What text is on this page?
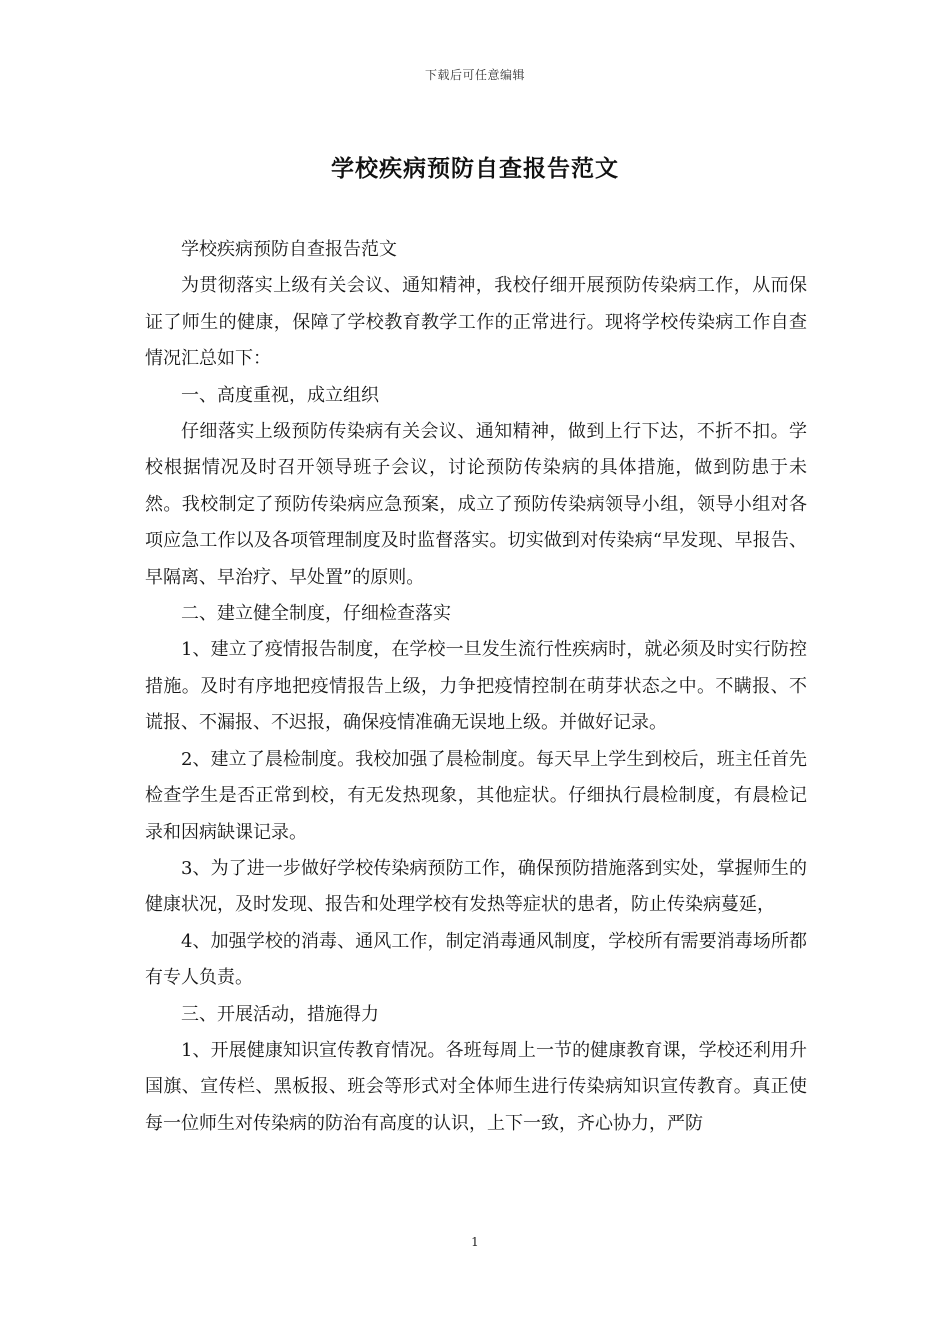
下载后可任意编辑
学校疾病预防自查报告范文

学校疾病预防自查报告范文

为贯彻落实上级有关会议、通知精神，我校仔细开展预防传染病工作，从而保证了师生的健康，保障了学校教育教学工作的正常进行。现将学校传染病工作自查情况汇总如下：

一、高度重视，成立组织

仔细落实上级预防传染病有关会议、通知精神，做到上行下达，不折不扣。学校根据情况及时召开领导班子会议，讨论预防传染病的具体措施，做到防患于未然。我校制定了预防传染病应急预案，成立了预防传染病领导小组，领导小组对各项应急工作以及各项管理制度及时监督落实。切实做到对传染病“早发现、早报告、早隔离、早治疗、早处置”的原则。

二、建立健全制度，仔细检查落实

1、建立了疫情报告制度，在学校一旦发生流行性疾病时，就必须及时实行防控措施。及时有序地把疫情报告上级，力争把疫情控制在萌芽状态之中。不瞒报、不谎报、不漏报、不迟报，确保疫情准确无误地上级。并做好记录。

2、建立了晨检制度。我校加强了晨检制度。每天早上学生到校后，班主任首先检查学生是否正常到校，有无发热现象，其他症状。仔细执行晨检制度，有晨检记录和因病缺课记录。

3、为了进一步做好学校传染病预防工作，确保预防措施落到实处，掌握师生的健康状况，及时发现、报告和处理学校有发热等症状的患者，防止传染病蔓延，

4、加强学校的消毒、通风工作，制定消毒通风制度，学校所有需要消毒场所都有专人负责。

三、开展活动，措施得力

1、开展健康知识宣传教育情况。各班每周上一节的健康教育课，学校还利用升国旗、宣传栏、黑板报、班会等形式对全体师生进行传染病知识宣传教育。真正使每一位师生对传染病的防治有高度的认识，上下一致，齐心协力，严防

1
